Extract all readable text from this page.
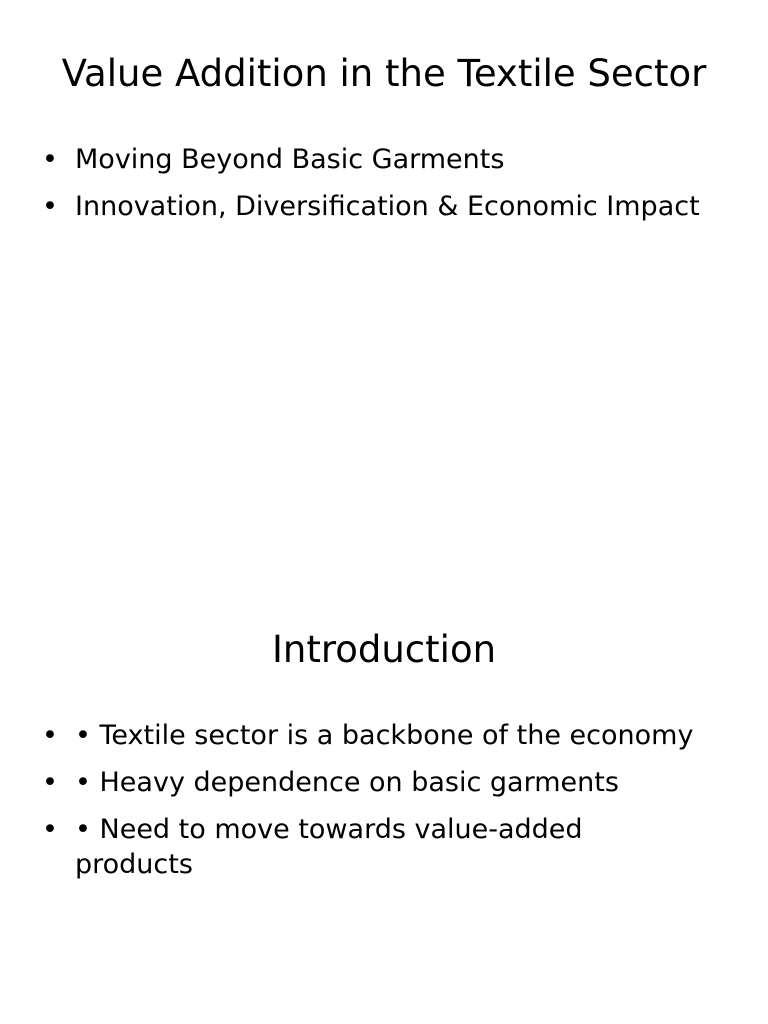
Value Addition in the Textile Sector
• Moving Beyond Basic Garments
• Innovation, Diversification & Economic Impact
Introduction
• • Textile sector is a backbone of the economy
• • Heavy dependence on basic garments
• • Need to move towards value-added products
